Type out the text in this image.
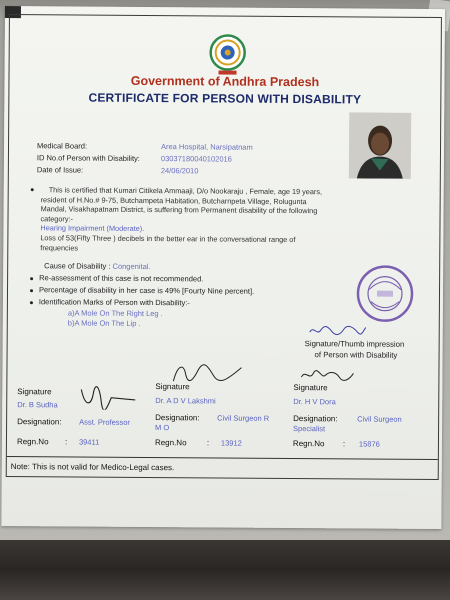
Government of Andhra Pradesh
CERTIFICATE FOR PERSON WITH DISABILITY
Medical Board:	Area Hospital, Narsipatnam
ID No.of Person with Disability:	03037180040102016
Date of Issue:	24/06/2010
This is certified that Kumari Citikela Ammaaji, D/o Nookaraju , Female, age 19 years,
resident of H.No.# 9-75, Butchampeta Habitation, Butcharnpeta Village, Rolugunta
Mandal, Visakhapatnam District, is suffering from Permanent disability of the following
category:-
Hearing Impairment (Moderate).
Loss of 53(Fifty Three ) decibels in the better ear in the conversational range of
frequencies
Cause of Disability : Congenital.
Re-assessment of this case is not recommended.
Percentage of disability in her case is 49% [Fourty Nine percent].
Identification Marks of Person with Disability:-
a)A Mole On The Right Leg .
b)A Mole On The Lip .
Signature/Thumb impression
of Person with Disability
Signature
Dr. B Sudha
Designation: Asst. Professor
Regn.No : 39411
Signature
Dr. A D V Lakshmi
Designation: Civil Surgeon R
M O
Regn.No	: 13912
Signature
Dr. H V Dora
Designation:	Civil Surgeon
Specialist
Regn.No : 15876
Note: This is not valid for Medico-Legal cases.
